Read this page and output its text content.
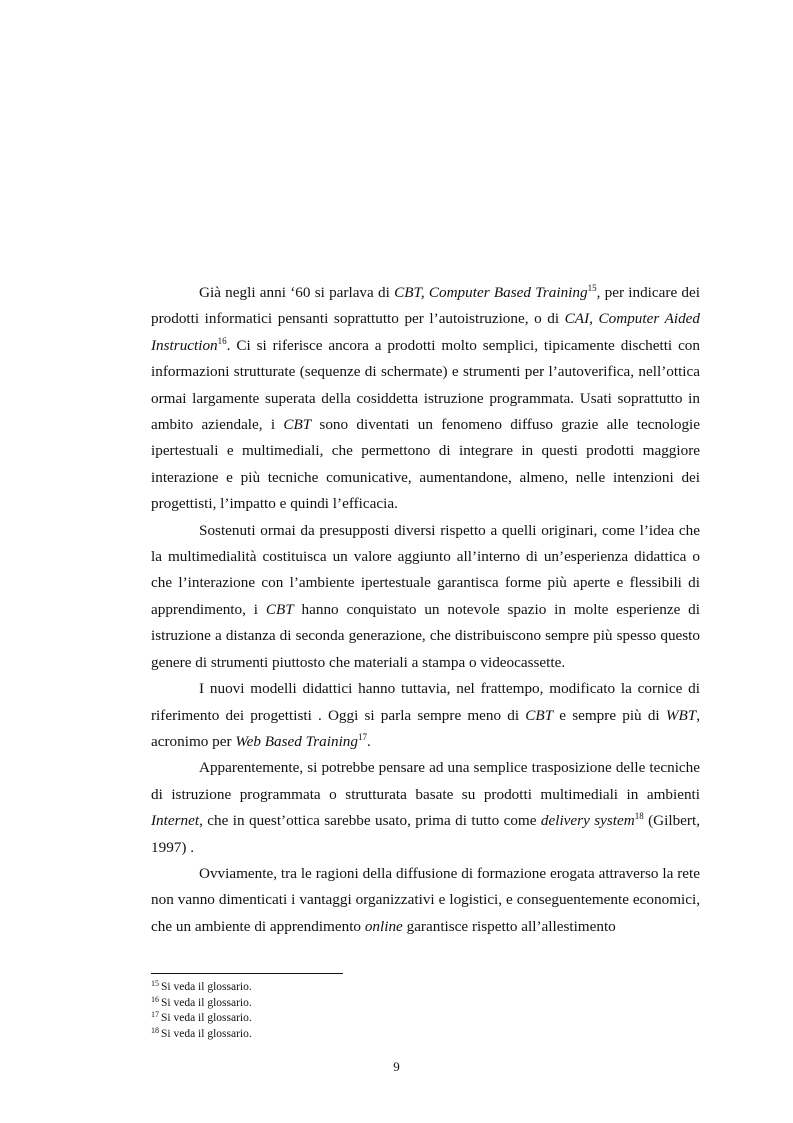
Già negli anni ‘60 si parlava di CBT, Computer Based Training$^{15}$, per indicare dei prodotti informatici pensanti soprattutto per l’autoistruzione, o di CAI, Computer Aided Instruction$^{16}$. Ci si riferisce ancora a prodotti molto semplici, tipicamente dischetti con informazioni strutturate (sequenze di schermate) e strumenti per l’autoverifica, nell’ottica ormai largamente superata della cosiddetta istruzione programmata. Usati soprattutto in ambito aziendale, i CBT sono diventati un fenomeno diffuso grazie alle tecnologie ipertestuali e multimediali, che permettono di integrare in questi prodotti maggiore interazione e più tecniche comunicative, aumentandone, almeno, nelle intenzioni dei progettisti, l’impatto e quindi l’efficacia.

Sostenuti ormai da presupposti diversi rispetto a quelli originari, come l’idea che la multimedialità costituisca un valore aggiunto all’interno di un’esperienza didattica o che l’interazione con l’ambiente ipertestuale garantisca forme più aperte e flessibili di apprendimento, i CBT hanno conquistato un notevole spazio in molte esperienze di istruzione a distanza di seconda generazione, che distribuiscono sempre più spesso questo genere di strumenti piuttosto che materiali a stampa o videocassette.

I nuovi modelli didattici hanno tuttavia, nel frattempo, modificato la cornice di riferimento dei progettisti . Oggi si parla sempre meno di CBT e sempre più di WBT, acronimo per Web Based Training$^{17}$.

Apparentemente, si potrebbe pensare ad una semplice trasposizione delle tecniche di istruzione programmata o strutturata basate su prodotti multimediali in ambienti Internet, che in quest’ottica sarebbe usato, prima di tutto come delivery system$^{18}$ (Gilbert, 1997) .

Ovviamente, tra le ragioni della diffusione di formazione erogata attraverso la rete non vanno dimenticati i vantaggi organizzativi e logistici, e conseguentemente economici, che un ambiente di apprendimento online garantisce rispetto all’allestimento

$^{15}$ Si veda il glossario.

$^{16}$ Si veda il glossario.

$^{17}$ Si veda il glossario.

$^{18}$ Si veda il glossario.

9
